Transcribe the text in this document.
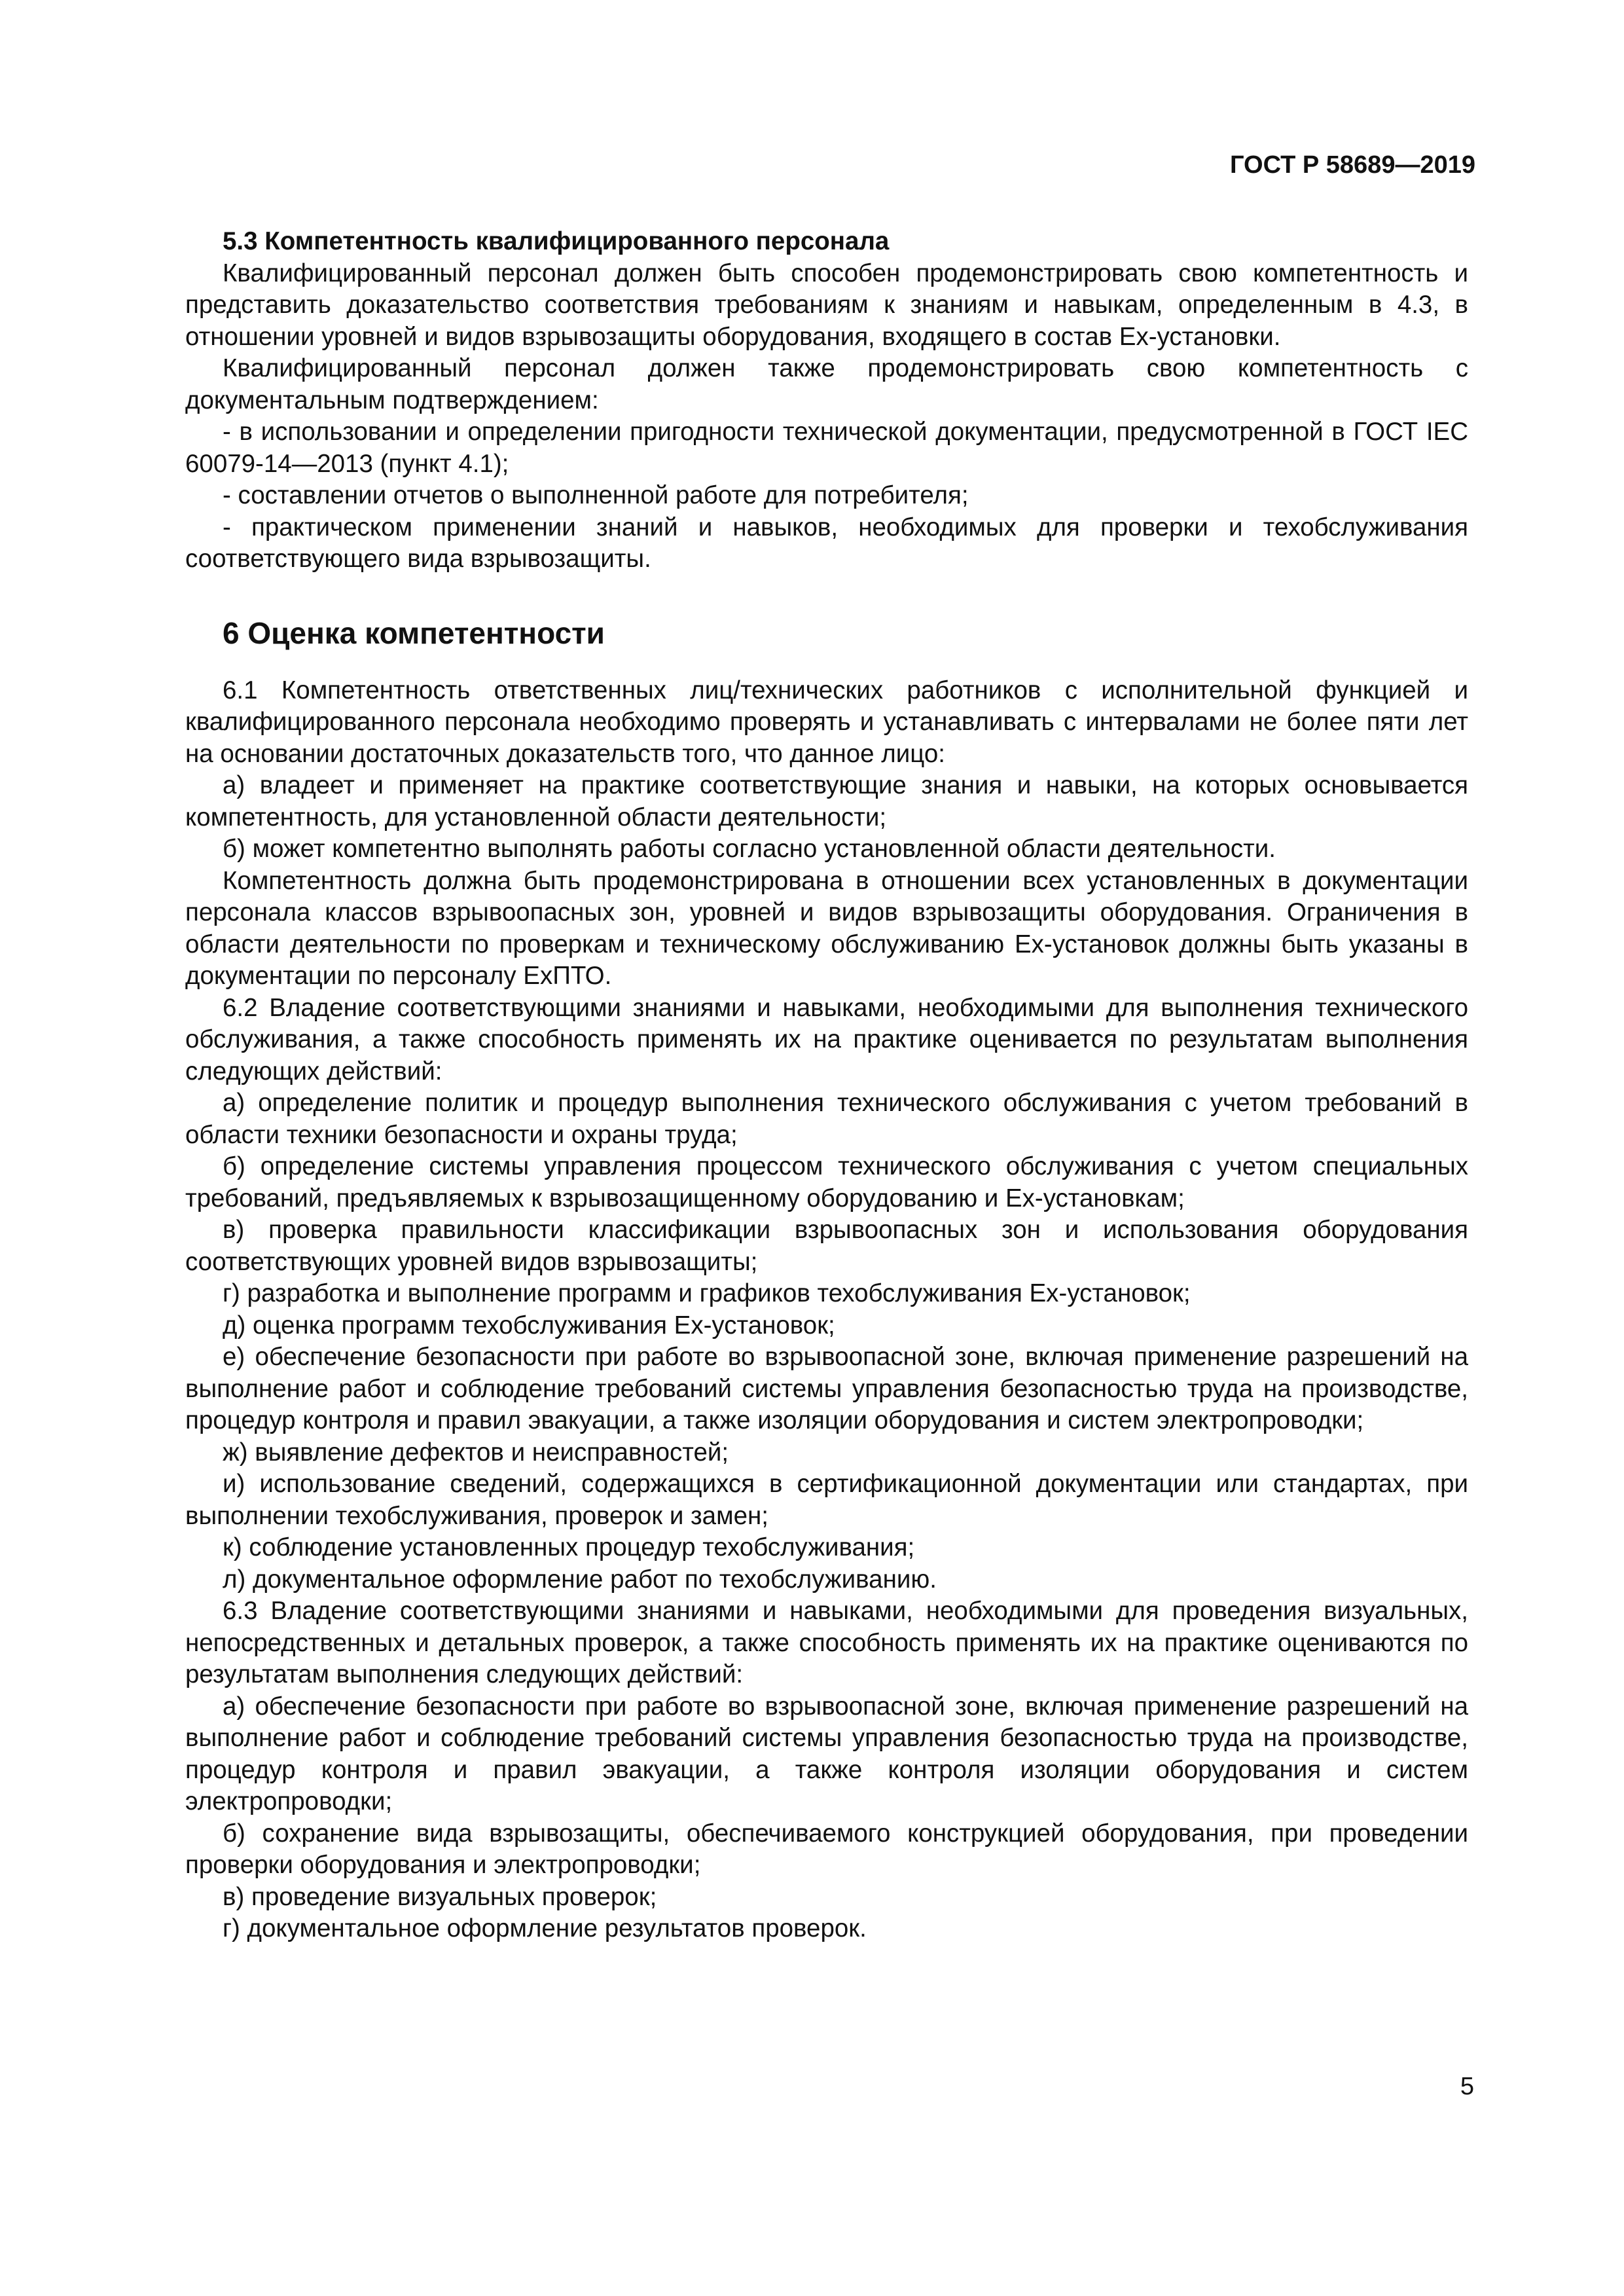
ГОСТ Р 58689—2019

5.3 Компетентность квалифицированного персонала

Квалифицированный персонал должен быть способен продемонстрировать свою компетентность и представить доказательство соответствия требованиям к знаниям и навыкам, определенным в 4.3, в отношении уровней и видов взрывозащиты оборудования, входящего в состав Ex-установки.

Квалифицированный персонал должен также продемонстрировать свою компетентность с документальным подтверждением:

- в использовании и определении пригодности технической документации, предусмотренной в ГОСТ IEC 60079-14—2013 (пункт 4.1);

- составлении отчетов о выполненной работе для потребителя;

- практическом применении знаний и навыков, необходимых для проверки и техобслуживания соответствующего вида взрывозащиты.

6 Оценка компетентности

6.1 Компетентность ответственных лиц/технических работников с исполнительной функцией и квалифицированного персонала необходимо проверять и устанавливать с интервалами не более пяти лет на основании достаточных доказательств того, что данное лицо:

а) владеет и применяет на практике соответствующие знания и навыки, на которых основывается компетентность, для установленной области деятельности;

б) может компетентно выполнять работы согласно установленной области деятельности.

Компетентность должна быть продемонстрирована в отношении всех установленных в документации персонала классов взрывоопасных зон, уровней и видов взрывозащиты оборудования. Ограничения в области деятельности по проверкам и техническому обслуживанию Ex-установок должны быть указаны в документации по персоналу ExПТО.

6.2 Владение соответствующими знаниями и навыками, необходимыми для выполнения технического обслуживания, а также способность применять их на практике оценивается по результатам выполнения следующих действий:

а) определение политик и процедур выполнения технического обслуживания с учетом требований в области техники безопасности и охраны труда;

б) определение системы управления процессом технического обслуживания с учетом специальных требований, предъявляемых к взрывозащищенному оборудованию и Ex-установкам;

в) проверка правильности классификации взрывоопасных зон и использования оборудования соответствующих уровней видов взрывозащиты;

г) разработка и выполнение программ и графиков техобслуживания Ex-установок;

д) оценка программ техобслуживания Ex-установок;

е) обеспечение безопасности при работе во взрывоопасной зоне, включая применение разрешений на выполнение работ и соблюдение требований системы управления безопасностью труда на производстве, процедур контроля и правил эвакуации, а также изоляции оборудования и систем электропроводки;

ж) выявление дефектов и неисправностей;

и) использование сведений, содержащихся в сертификационной документации или стандартах, при выполнении техобслуживания, проверок и замен;

к) соблюдение установленных процедур техобслуживания;

л) документальное оформление работ по техобслуживанию.

6.3 Владение соответствующими знаниями и навыками, необходимыми для проведения визуальных, непосредственных и детальных проверок, а также способность применять их на практике оцениваются по результатам выполнения следующих действий:

а) обеспечение безопасности при работе во взрывоопасной зоне, включая применение разрешений на выполнение работ и соблюдение требований системы управления безопасностью труда на производстве, процедур контроля и правил эвакуации, а также контроля изоляции оборудования и систем электропроводки;

б) сохранение вида взрывозащиты, обеспечиваемого конструкцией оборудования, при проведении проверки оборудования и электропроводки;

в) проведение визуальных проверок;

г) документальное оформление результатов проверок.

5
